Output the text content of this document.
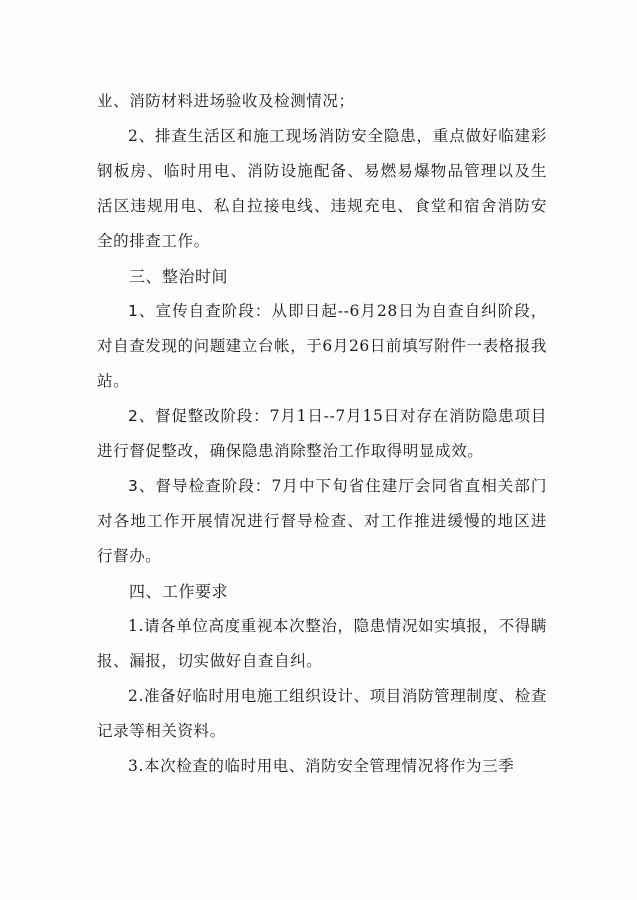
业、消防材料进场验收及检测情况；

2、排查生活区和施工现场消防安全隐患，重点做好临建彩钢板房、临时用电、消防设施配备、易燃易爆物品管理以及生活区违规用电、私自拉接电线、违规充电、食堂和宿舍消防安全的排查工作。

三、整治时间

1、宣传自查阶段：从即日起--6月28日为自查自纠阶段，对自查发现的问题建立台帐，于6月26日前填写附件一表格报我站。

2、督促整改阶段：7月1日--7月15日对存在消防隐患项目进行督促整改，确保隐患消除整治工作取得明显成效。

3、督导检查阶段：7月中下旬省住建厅会同省直相关部门对各地工作开展情况进行督导检查、对工作推进缓慢的地区进行督办。

四、工作要求

1.请各单位高度重视本次整治，隐患情况如实填报，不得瞒报、漏报，切实做好自查自纠。

2.准备好临时用电施工组织设计、项目消防管理制度、检查记录等相关资料。

3.本次检查的临时用电、消防安全管理情况将作为三季
